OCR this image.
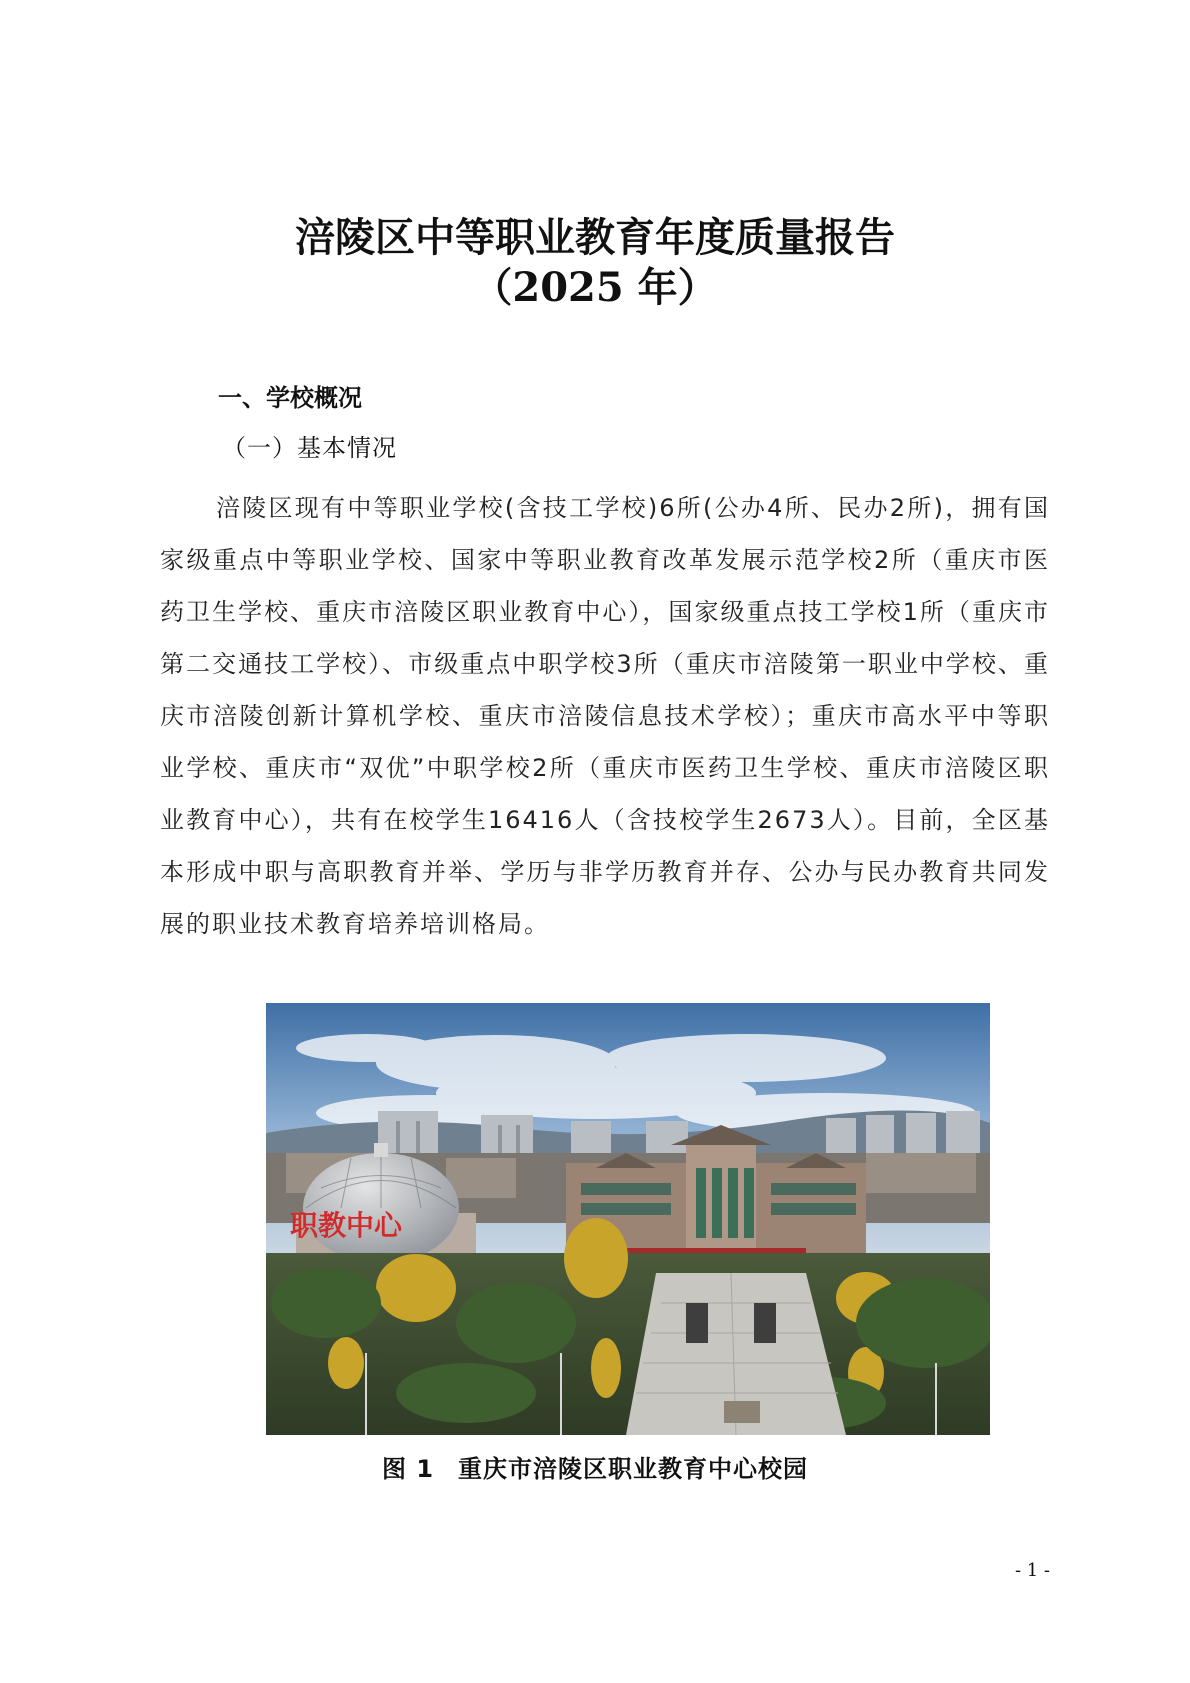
涪陵区中等职业教育年度质量报告
（2025 年）
一、学校概况
（一）基本情况

涪陵区现有中等职业学校(含技工学校)6所(公办4所、民办2所)，拥有国家级重点中等职业学校、国家中等职业教育改革发展示范学校2所（重庆市医药卫生学校、重庆市涪陵区职业教育中心），国家级重点技工学校1所（重庆市第二交通技工学校）、市级重点中职学校3所（重庆市涪陵第一职业中学校、重庆市涪陵创新计算机学校、重庆市涪陵信息技术学校）；重庆市高水平中等职业学校、重庆市“双优”中职学校2所（重庆市医药卫生学校、重庆市涪陵区职业教育中心），共有在校学生16416人（含技校学生2673人）。目前，全区基本形成中职与高职教育并举、学历与非学历教育并存、公办与民办教育共同发展的职业技术教育培养培训格局。

职教中心
图 1 重庆市涪陵区职业教育中心校园
- 1 -
